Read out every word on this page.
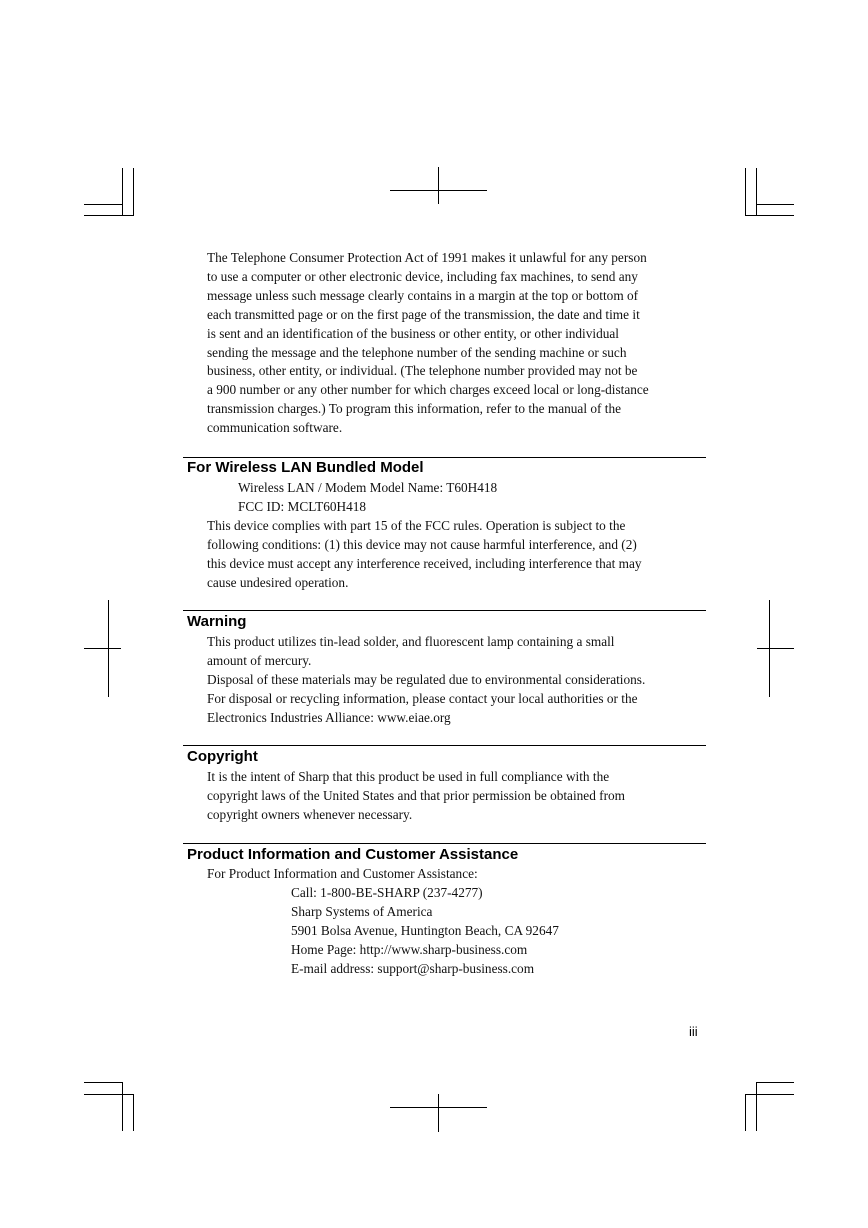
The Telephone Consumer Protection Act of 1991 makes it unlawful for any person

to use a computer or other electronic device, including fax machines, to send any

message unless such message clearly contains in a margin at the top or bottom of

each transmitted page or on the first page of the transmission, the date and time it

is sent and an identification of the business or other entity, or other individual

sending the message and the telephone number of the sending machine or such

business, other entity, or individual. (The telephone number provided may not be

a 900 number or any other number for which charges exceed local or long-distance

transmission charges.) To program this information, refer to the manual of the

communication software.

For Wireless LAN Bundled Model
Wireless LAN / Modem Model Name: T60H418
FCC ID: MCLT60H418

This device complies with part 15 of the FCC rules. Operation is subject to the

following conditions: (1) this device may not cause harmful interference, and (2)

this device must accept any interference received, including interference that may

cause undesired operation.

Warning

This product utilizes tin-lead solder, and fluorescent lamp containing a small

amount of mercury.

Disposal of these materials may be regulated due to environmental considerations.

For disposal or recycling information, please contact your local authorities or the

Electronics Industries Alliance: www.eiae.org

Copyright

It is the intent of Sharp that this product be used in full compliance with the

copyright laws of the United States and that prior permission be obtained from

copyright owners whenever necessary.

Product Information and Customer Assistance
For Product Information and Customer Assistance:
Call: 1-800-BE-SHARP (237-4277)
Sharp Systems of America
5901 Bolsa Avenue, Huntington Beach, CA 92647
Home Page: http://www.sharp-business.com
E-mail address: support@sharp-business.com
iii
